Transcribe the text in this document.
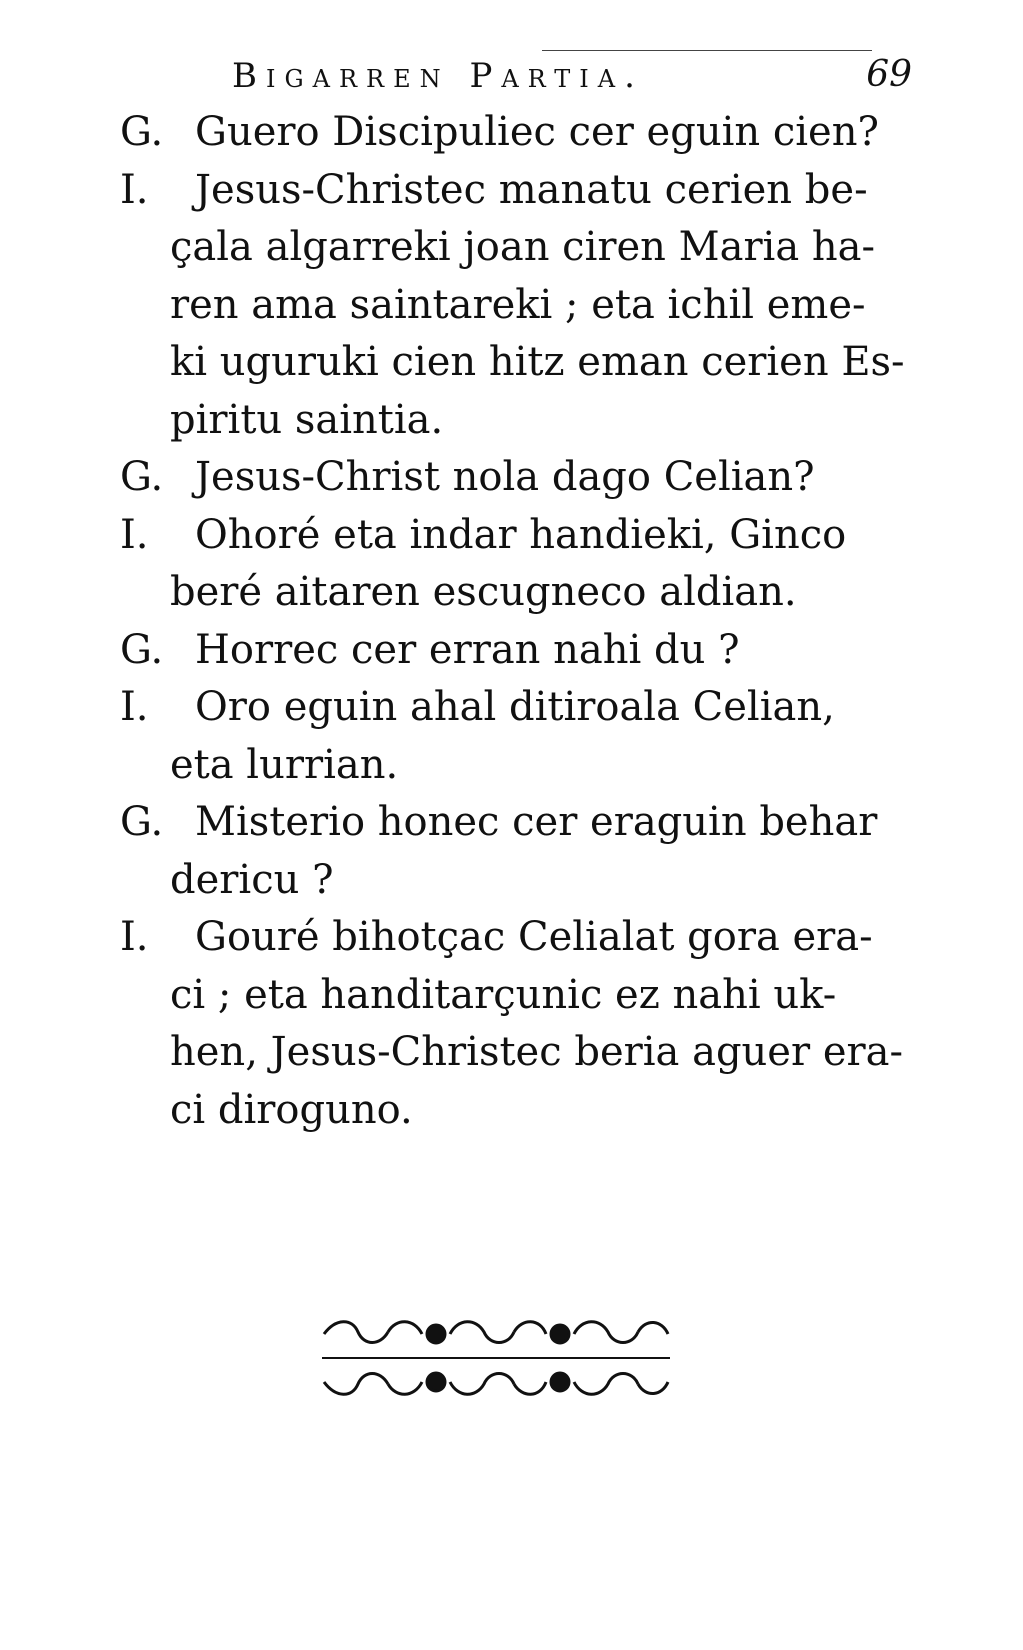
Bigarren Partia.	69
G. Guero Discipuliec cer eguin cien?
I.	Jesus-Christec manatu cerien be-
çala algarreki joan ciren Maria ha-
ren ama saintareki ; eta ichil eme-
ki uguruki cien hitz eman cerien Es-
piritu saintia.
G. Jesus-Christ nola dago Celian?
I.	Ohoré eta indar handieki, Ginco
beré aitaren escugneco aldian.
G. Horrec cer erran nahi du ?
I.	Oro eguin ahal ditiroala Celian,
eta lurrian.
G. Misterio honec cer eraguin behar
dericu ?
I.	Gouré bihotçac Celialat gora era-
ci ; eta handitarçunic ez nahi uk-
hen, Jesus-Christec beria aguer era-
ci diroguno.
